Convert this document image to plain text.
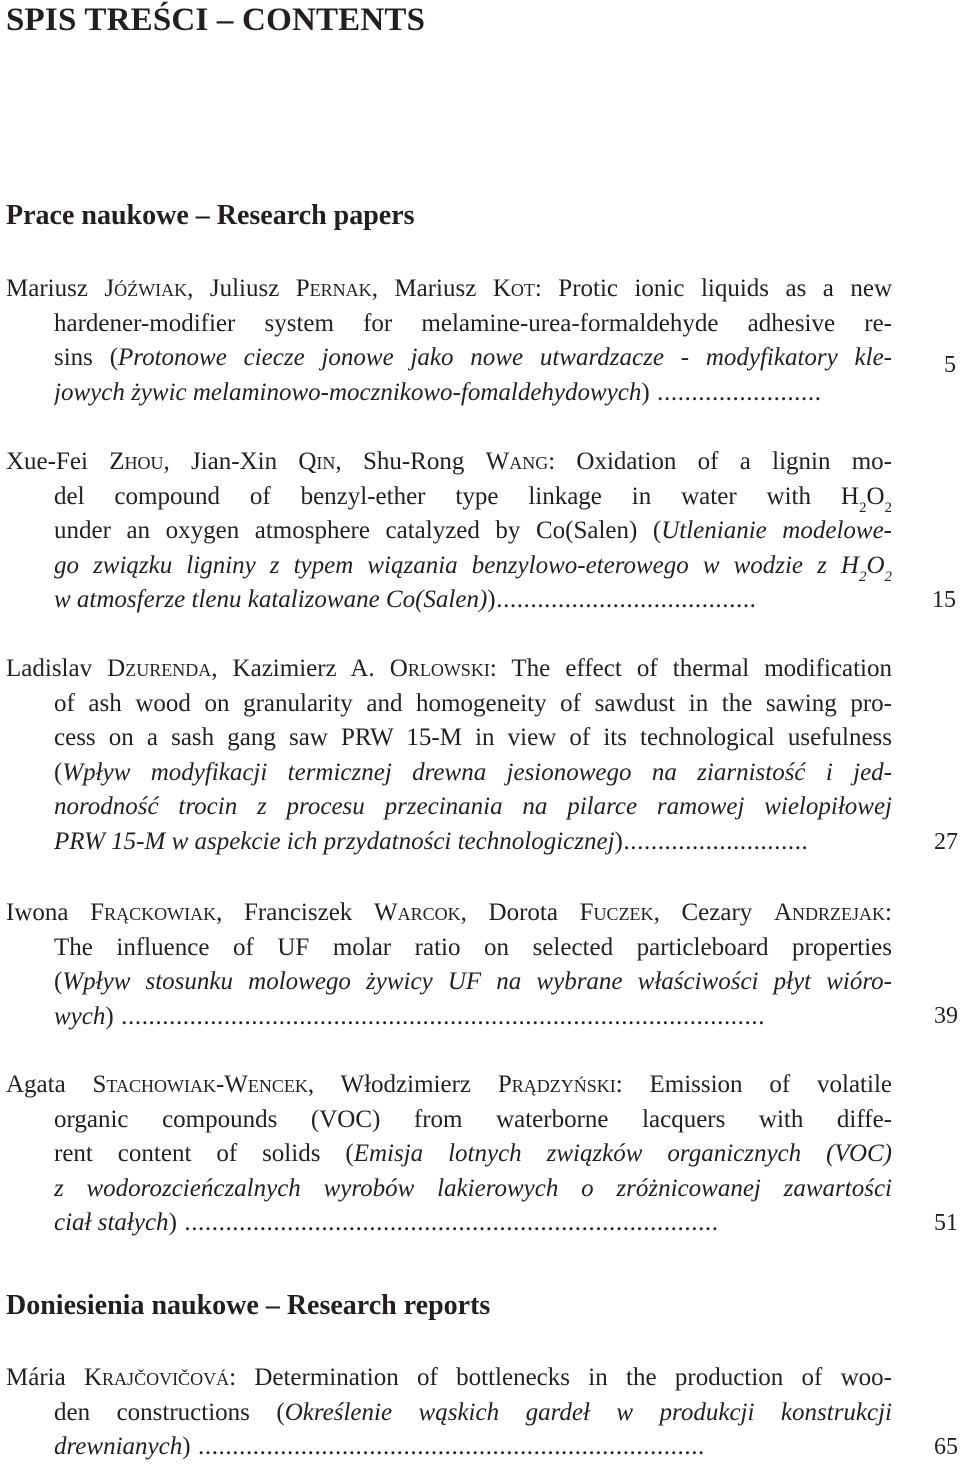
SPIS TREŚCI – CONTENTS
Prace naukowe – Research papers
Mariusz Jóźwiak, Juliusz Pernak, Mariusz Kot: Protic ionic liquids as a new
hardener-modifier system for melamine-urea-formaldehyde adhesive re-
sins (Protonowe ciecze jonowe jako nowe utwardzacze - modyfikatory kle-
jowych żywic melaminowo-mocznikowo-fomaldehydowych) ........................
5
Xue-Fei Zhou, Jian-Xin Qin, Shu-Rong Wang: Oxidation of a lignin mo-
del compound of benzyl-ether type linkage in water with $H_2O_2$
under an oxygen atmosphere catalyzed by Co(Salen) (Utlenianie modelowe-
go związku ligniny z typem wiązania benzylowo-eterowego w wodzie z $H_2O_2$
w atmosferze tlenu katalizowane Co(Salen))......................................	15
Ladislav Dzurenda, Kazimierz A. Orlowski: The effect of thermal modification
of ash wood on granularity and homogeneity of sawdust in the sawing pro-
cess on a sash gang saw PRW 15-M in view of its technological usefulness
(Wpływ modyfikacji termicznej drewna jesionowego na ziarnistość i jed-
norodność trocin z procesu przecinania na pilarce ramowej wielopiłowej
PRW 15-M w aspekcie ich przydatności technologicznej)...........................	27
Iwona Frąckowiak, Franciszek Warcok, Dorota Fuczek, Cezary Andrzejak:
The influence of UF molar ratio on selected particleboard properties
(Wpływ stosunku molowego żywicy UF na wybrane właściwości płyt wióro-
wych) ..............................................................................................	39
Agata Stachowiak-Wencek, Włodzimierz Prądzyński: Emission of volatile
organic compounds (VOC) from waterborne lacquers with diffe-
rent content of solids (Emisja lotnych związków organicznych (VOC)
z wodorozcieńczalnych wyrobów lakierowych o zróżnicowanej zawartości
ciał stałych) ..............................................................................	51
Doniesienia naukowe – Research reports
Mária Krajčovičová: Determination of bottlenecks in the production of woo-
den constructions (Określenie wąskich gardeł w produkcji konstrukcji
drewnianych) ..........................................................................	65
